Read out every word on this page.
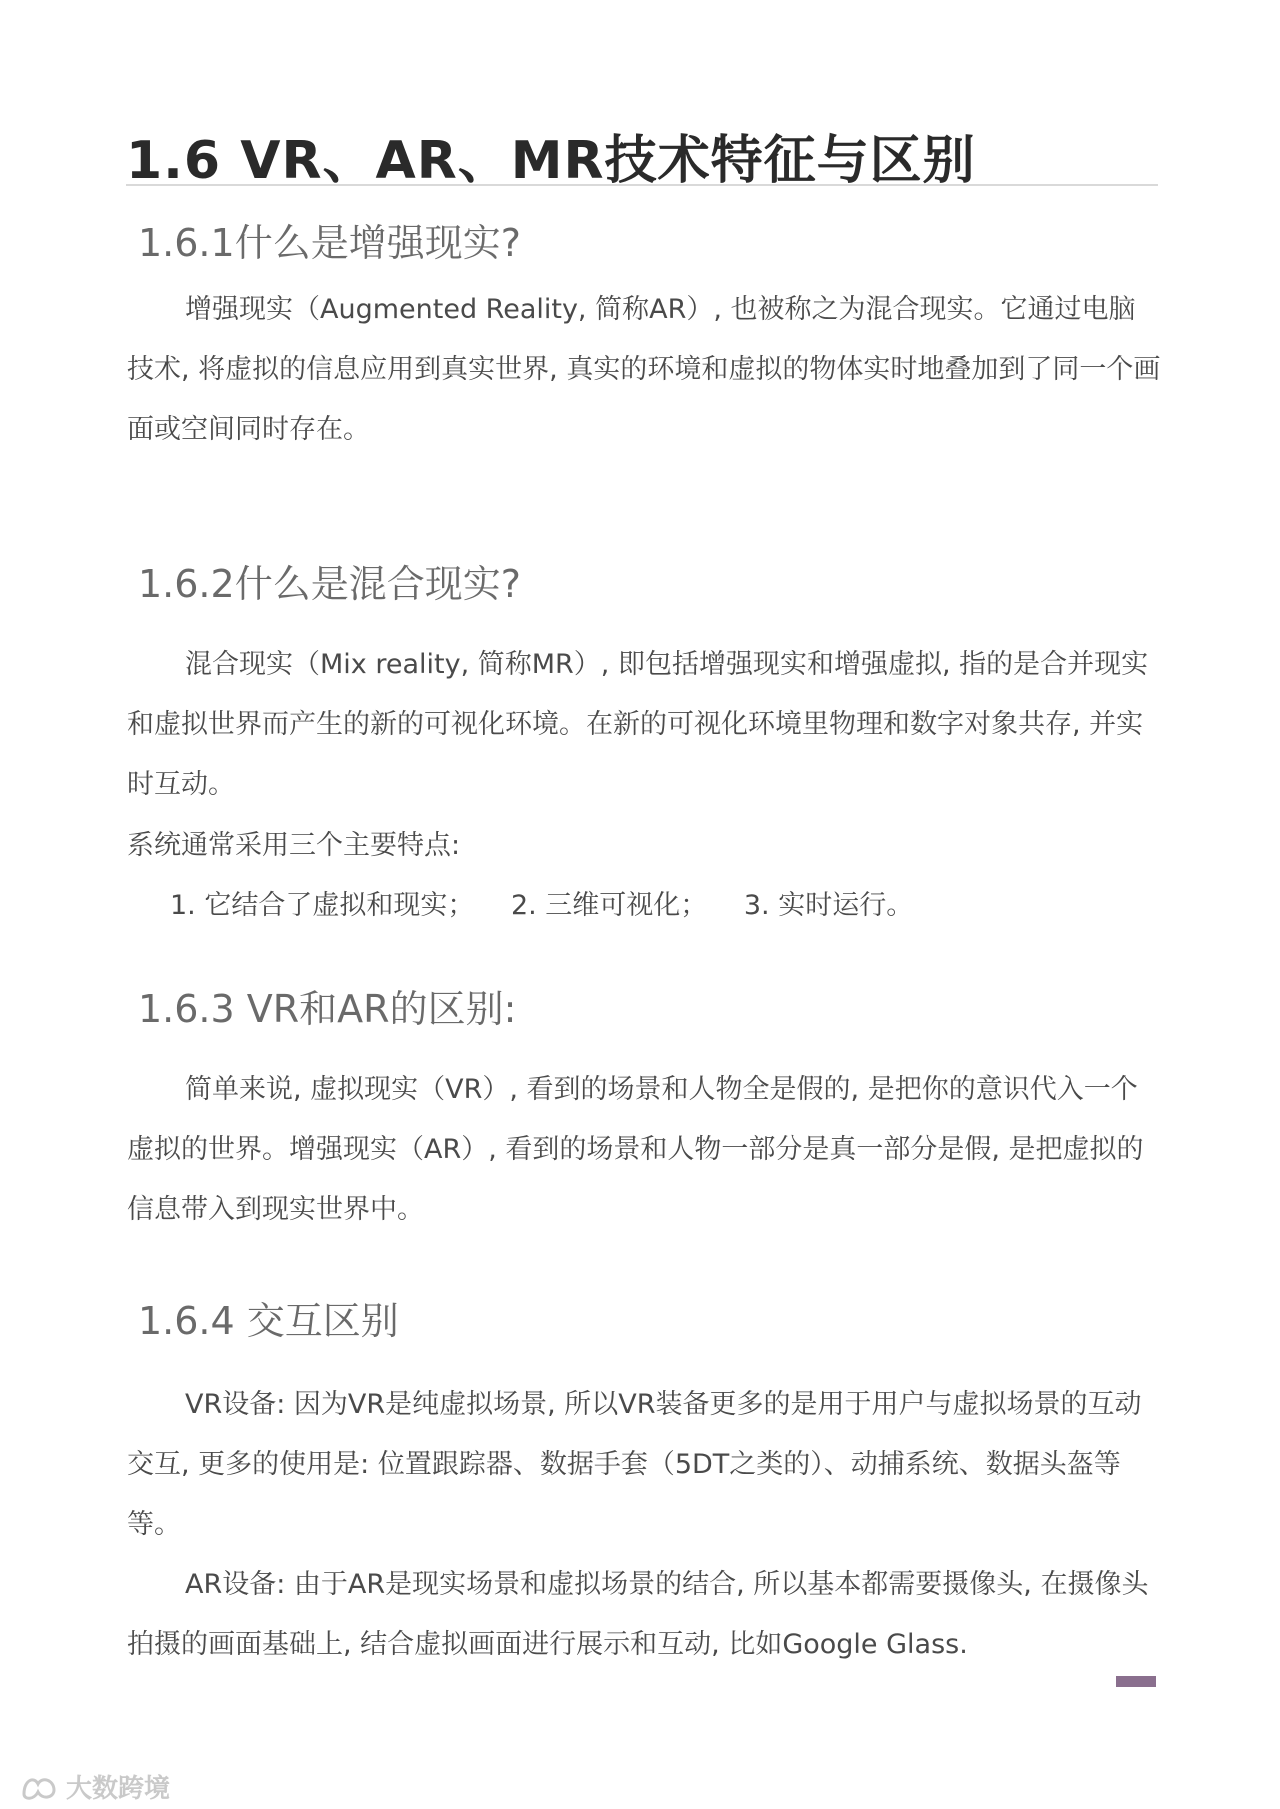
1.6 VR、AR、MR技术特征与区别
1.6.1什么是增强现实?

增强现实（Augmented Reality, 简称AR）, 也被称之为混合现实。它通过电脑技术, 将虚拟的信息应用到真实世界, 真实的环境和虚拟的物体实时地叠加到了同一个画面或空间同时存在。

1.6.2什么是混合现实?

混合现实（Mix reality, 简称MR）, 即包括增强现实和增强虚拟, 指的是合并现实和虚拟世界而产生的新的可视化环境。在新的可视化环境里物理和数字对象共存, 并实时互动。

系统通常采用三个主要特点:

1. 它结合了虚拟和现实； 2. 三维可视化； 3. 实时运行。

1.6.3 VR和AR的区别:

简单来说, 虚拟现实（VR）, 看到的场景和人物全是假的, 是把你的意识代入一个虚拟的世界。增强现实（AR）, 看到的场景和人物一部分是真一部分是假, 是把虚拟的信息带入到现实世界中。

1.6.4 交互区别

VR设备: 因为VR是纯虚拟场景, 所以VR装备更多的是用于用户与虚拟场景的互动交互, 更多的使用是: 位置跟踪器、数据手套（5DT之类的）、动捕系统、数据头盔等等。

AR设备: 由于AR是现实场景和虚拟场景的结合, 所以基本都需要摄像头, 在摄像头拍摄的画面基础上, 结合虚拟画面进行展示和互动, 比如Google Glass.

大数跨境
